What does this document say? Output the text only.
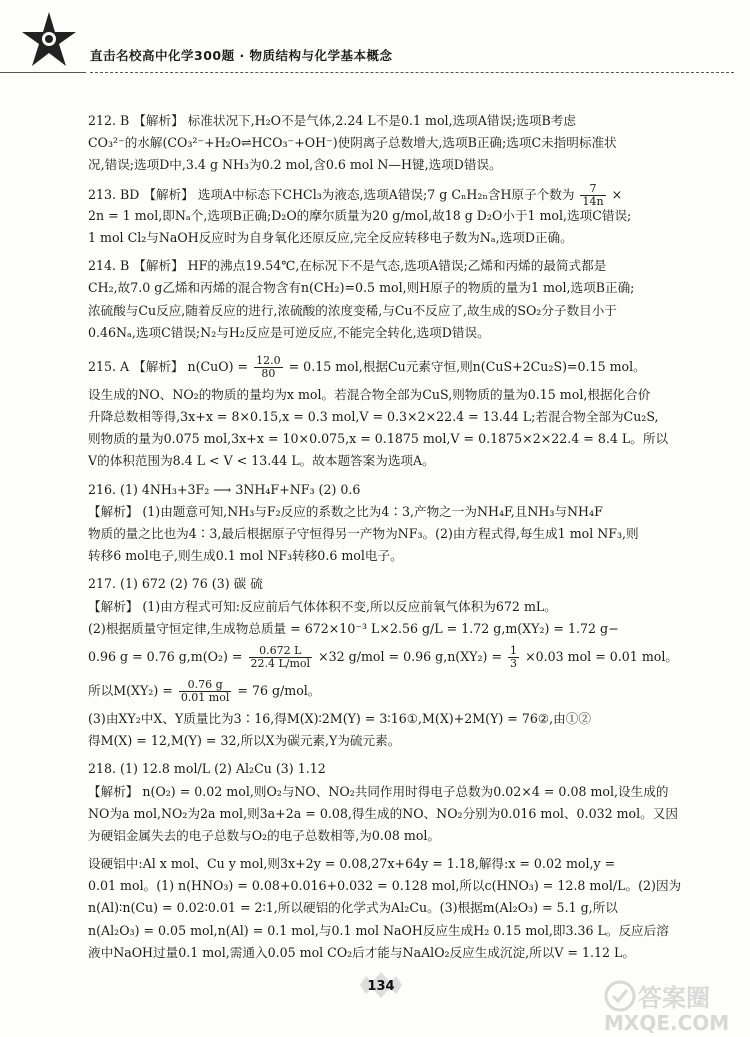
直击名校高中化学300题 · 物质结构与化学基本概念
212. B 【解析】 标准状况下,H₂O不是气体,2.24 L不是0.1 mol,选项A错误;选项B考虑
CO₃²⁻的水解(CO₃²⁻+H₂O⇌HCO₃⁻+OH⁻)使阴离子总数增大,选项B正确;选项C未指明标准状
况,错误;选项D中,3.4 g NH₃为0.2 mol,含0.6 mol N—H键,选项D错误。
213. BD 【解析】 选项A中标态下CHCl₃为液态,选项A错误;7 g CₙH₂ₙ含H原子个数为 $\frac{7}{14n}$ ×
2n = 1 mol,即Nₐ个,选项B正确;D₂O的摩尔质量为20 g/mol,故18 g D₂O小于1 mol,选项C错误;
1 mol Cl₂与NaOH反应时为自身氧化还原反应,完全反应转移电子数为Nₐ,选项D正确。
214. B 【解析】 HF的沸点19.54℃,在标况下不是气态,选项A错误;乙烯和丙烯的最简式都是
CH₂,故7.0 g乙烯和丙烯的混合物含有n(CH₂)=0.5 mol,则H原子的物质的量为1 mol,选项B正确;
浓硫酸与Cu反应,随着反应的进行,浓硫酸的浓度变稀,与Cu不反应了,故生成的SO₂分子数目小于
0.46Nₐ,选项C错误;N₂与H₂反应是可逆反应,不能完全转化,选项D错误。
215. A 【解析】 $n(CuO) = \frac{12.0}{80} = 0.15$ mol,根据Cu元素守恒,则n(CuS+2Cu₂S)=0.15 mol。
设生成的NO、NO₂的物质的量均为x mol。若混合物全部为CuS,则物质的量为0.15 mol,根据化合价
升降总数相等得,3x+x = 8×0.15,x = 0.3 mol,V = 0.3×2×22.4 = 13.44 L;若混合物全部为Cu₂S,
则物质的量为0.075 mol,3x+x = 10×0.075,x = 0.1875 mol,V = 0.1875×2×22.4 = 8.4 L。所以
V的体积范围为8.4 L < V < 13.44 L。故本题答案为选项A。
216. (1) 4NH₃+3F₂ ⟶ 3NH₄F+NF₃ (2) 0.6
【解析】 (1)由题意可知,NH₃与F₂反应的系数之比为4∶3,产物之一为NH₄F,且NH₃与NH₄F
物质的量之比也为4∶3,最后根据原子守恒得另一产物为NF₃。(2)由方程式得,每生成1 mol NF₃,则
转移6 mol电子,则生成0.1 mol NF₃转移0.6 mol电子。
217. (1) 672 (2) 76 (3) 碳 硫
【解析】 (1)由方程式可知:反应前后气体体积不变,所以反应前氧气体积为672 mL。
(2)根据质量守恒定律,生成物总质量 = 672×10⁻³ L×2.56 g/L = 1.72 g,m(XY₂) = 1.72 g−
0.96 g = 0.76 $g,m(O_2) = \frac{0.672 L}{\text{22.4 L/mol}} \times 32$ g/mol = 0.96 $g,n(XY_2) = \frac{1}{3} \times 0.03$ mol = 0.01 mol。
所以$M(XY_2) = \frac{0.76 g}{\text{0.01 mol}} = 76$ g/mol。
(3)由XY₂中X、Y质量比为3∶16,得M(X)∶2M(Y) = 3∶16①,M(X)+2M(Y) = 76②,由①②
得M(X) = 12,M(Y) = 32,所以X为碳元素,Y为硫元素。
218. (1) 12.8 mol/L (2) Al₂Cu (3) 1.12
【解析】 n(O₂) = 0.02 mol,则O₂与NO、NO₂共同作用时得电子总数为0.02×4 = 0.08 mol,设生成的
NO为a mol,NO₂为2a mol,则3a+2a = 0.08,得生成的NO、NO₂分别为0.016 mol、0.032 mol。又因
为硬铝金属失去的电子总数与O₂的电子总数相等,为0.08 mol。
设硬铝中:Al x mol、Cu y mol,则3x+2y = 0.08,27x+64y = 1.18,解得:x = 0.02 mol,y =
0.01 mol。(1) n(HNO₃) = 0.08+0.016+0.032 = 0.128 mol,所以c(HNO₃) = 12.8 mol/L。(2)因为
n(Al)∶n(Cu) = 0.02∶0.01 = 2∶1,所以硬铝的化学式为Al₂Cu。(3)根据m(Al₂O₃) = 5.1 g,所以
n(Al₂O₃) = 0.05 mol,n(Al) = 0.1 mol,与0.1 mol NaOH反应生成H₂ 0.15 mol,即3.36 L。反应后溶
液中NaOH过量0.1 mol,需通入0.05 mol CO₂后才能与NaAlO₂反应生成沉淀,所以V = 1.12 L。
134	答案圈
MXQE.COM
